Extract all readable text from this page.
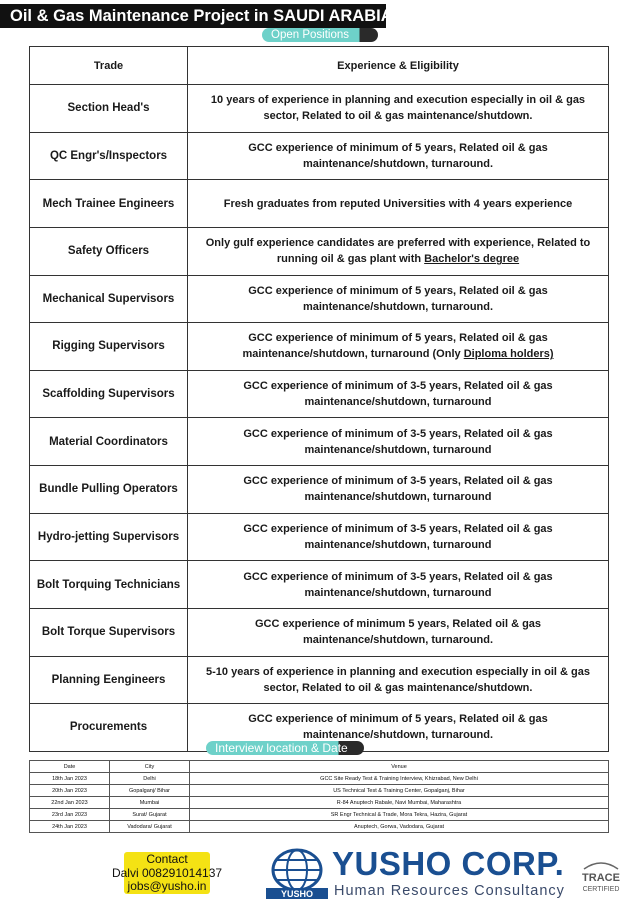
Oil & Gas Maintenance Project in SAUDI ARABIA
Open Positions
Trade	Experience & Eligibility
Section Head's	10 years of experience in planning and execution especially in oil & gas sector, Related to oil & gas maintenance/shutdown.
QC Engr's/Inspectors	GCC experience of minimum of 5 years, Related oil & gas maintenance/shutdown, turnaround.
Mech Trainee Engineers	Fresh graduates from reputed Universities with 4 years experience
Safety Officers	Only gulf experience candidates are preferred with experience, Related to running oil & gas plant with Bachelor's degree
Mechanical Supervisors	GCC experience of minimum of 5 years, Related oil & gas maintenance/shutdown, turnaround.
Rigging Supervisors	GCC experience of minimum of 5 years, Related oil & gas maintenance/shutdown, turnaround (Only Diploma holders)
Scaffolding Supervisors	GCC experience of minimum of 3-5 years, Related oil & gas maintenance/shutdown, turnaround
Material Coordinators	GCC experience of minimum of 3-5 years, Related oil & gas maintenance/shutdown, turnaround
Bundle Pulling Operators	GCC experience of minimum of 3-5 years, Related oil & gas maintenance/shutdown, turnaround
Hydro-jetting Supervisors	GCC experience of minimum of 3-5 years, Related oil & gas maintenance/shutdown, turnaround
Bolt Torquing Technicians	GCC experience of minimum of 3-5 years, Related oil & gas maintenance/shutdown, turnaround
Bolt Torque Supervisors	GCC experience of minimum 5 years, Related oil & gas maintenance/shutdown, turnaround.
Planning Eengineers	5-10 years of experience in planning and execution especially in oil & gas sector, Related to oil & gas maintenance/shutdown.
Procurements	GCC experience of minimum of 5 years, Related oil & gas maintenance/shutdown, turnaround.
Interview location & Date
Date	City	Venue
18th Jan 2023	Delhi	GCC Site Ready Test & Training Interview, Khizrabad, New Delhi
20th Jan 2023	Gopalganj/ Bihar	US Technical Test & Training Center, Gopalganj, Bihar
22nd Jan 2023	Mumbai	R-84 Anuptech Rabale, Navi Mumbai, Maharashtra
23rd Jan 2023	Surat/ Gujarat	SR Engr Technical & Trade, Mora Tekra, Hazira, Gujarat
24th Jan 2023	Vadodara/ Gujarat	Anuptech, Gorwa, Vadodara, Gujarat
Contact
Dalvi 008291014137
jobs@yusho.in
YUSHO
YUSHO CORP.
Human Resources Consultancy
TRACE
CERTIFIED
